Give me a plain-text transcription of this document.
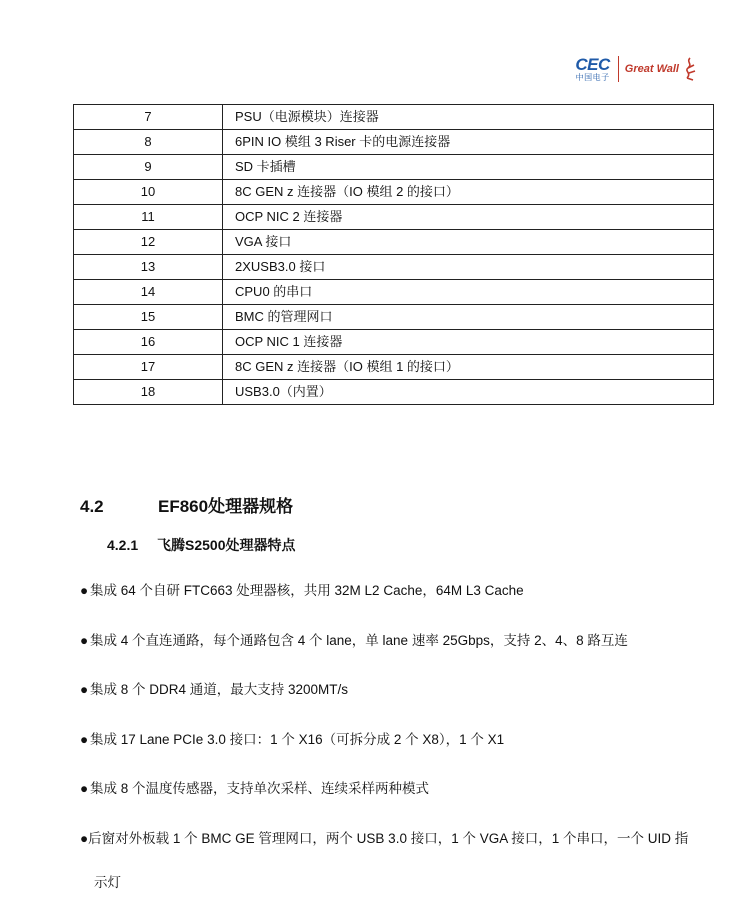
CEC
中国电子
Great Wall
7	PSU（电源模块）连接器
8	6PIN IO 模组 3 Riser 卡的电源连接器
9	SD 卡插槽
10	8C GEN z 连接器（IO 模组 2 的接口）
11	OCP NIC 2 连接器
12	VGA 接口
13	2XUSB3.0 接口
14	CPU0 的串口
15	BMC 的管理网口
16	OCP NIC 1 连接器
17	8C GEN z 连接器（IO 模组 1 的接口）
18	USB3.0（内置）
4.2	EF860处理器规格
4.2.1 飞腾S2500处理器特点
● 集成 64 个自研 FTC663 处理器核，共用 32M L2 Cache，64M L3 Cache
● 集成 4 个直连通路，每个通路包含 4 个 lane，单 lane 速率 25Gbps，支持 2、4、8 路互连
● 集成 8 个 DDR4 通道，最大支持 3200MT/s
● 集成 17 Lane PCIe 3.0 接口：1 个 X16（可拆分成 2 个 X8），1 个 X1
● 集成 8 个温度传感器，支持单次采样、连续采样两种模式
●后窗对外板载 1 个 BMC GE 管理网口，两个 USB 3.0 接口，1 个 VGA 接口，1 个串口，一个 UID 指
示灯
